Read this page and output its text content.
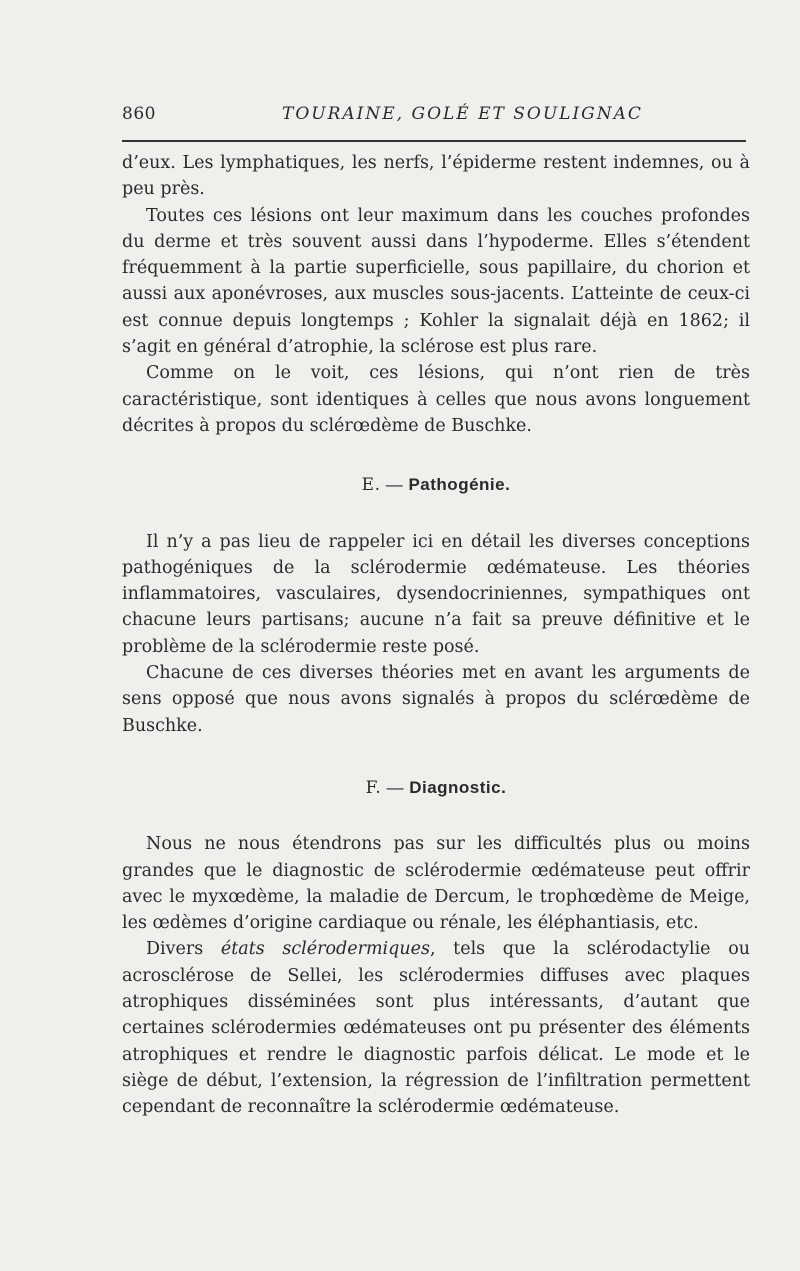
860	TOURAINE, GOLÉ ET SOULIGNAC

d’eux. Les lymphatiques, les nerfs, l’épiderme restent indemnes, ou à peu près.

Toutes ces lésions ont leur maximum dans les couches profondes du derme et très souvent aussi dans l’hypoderme. Elles s’étendent fréquemment à la partie superficielle, sous papillaire, du chorion et aussi aux aponévroses, aux muscles sous-jacents. L’atteinte de ceux-ci est connue depuis longtemps ; Kohler la signalait déjà en 1862; il s’agit en général d’atrophie, la sclérose est plus rare.

Comme on le voit, ces lésions, qui n’ont rien de très caractéristique, sont identiques à celles que nous avons longuement décrites à propos du sclérœdème de Buschke.

E. — Pathogénie.

Il n’y a pas lieu de rappeler ici en détail les diverses conceptions pathogéniques de la sclérodermie œdémateuse. Les théories inflammatoires, vasculaires, dysendocriniennes, sympathiques ont chacune leurs partisans; aucune n’a fait sa preuve définitive et le problème de la sclérodermie reste posé.

Chacune de ces diverses théories met en avant les arguments de sens opposé que nous avons signalés à propos du sclérœdème de Buschke.

F. — Diagnostic.

Nous ne nous étendrons pas sur les difficultés plus ou moins grandes que le diagnostic de sclérodermie œdémateuse peut offrir avec le myxœdème, la maladie de Dercum, le trophœdème de Meige, les œdèmes d’origine cardiaque ou rénale, les éléphantiasis, etc.

Divers états sclérodermiques, tels que la sclérodactylie ou acrosclérose de Sellei, les sclérodermies diffuses avec plaques atrophiques disséminées sont plus intéressants, d’autant que certaines sclérodermies œdémateuses ont pu présenter des éléments atrophiques et rendre le diagnostic parfois délicat. Le mode et le siège de début, l’extension, la régression de l’infiltration permettent cependant de reconnaître la sclérodermie œdémateuse.
